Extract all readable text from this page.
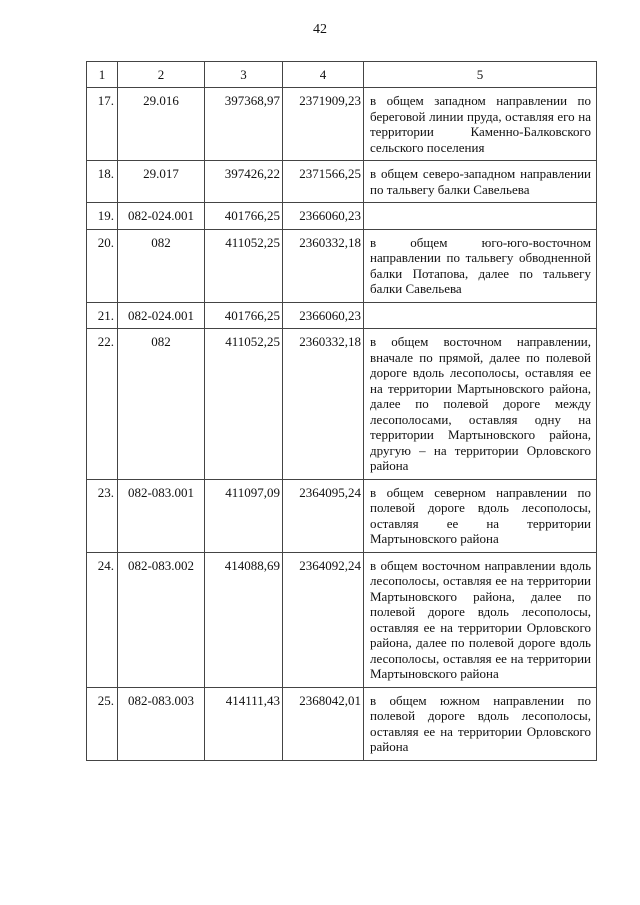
42
1	2	3	4	5
17.	29.016	397368,97	2371909,23	в общем западном направлении по береговой линии пруда, оставляя его на территории Каменно-Балковского сельского поселения
18.	29.017	397426,22	2371566,25	в общем северо-западном направлении по тальвегу балки Савельева
19.	082-024.001	401766,25	2366060,23	
20.	082	411052,25	2360332,18	в общем юго-юго-восточном направлении по тальвегу обводненной балки Потапова, далее по тальвегу балки Савельева
21.	082-024.001	401766,25	2366060,23	
22.	082	411052,25	2360332,18	в общем восточном направлении, вначале по прямой, далее по полевой дороге вдоль лесополосы, оставляя ее на территории Мартыновского района, далее по полевой дороге между лесополосами, оставляя одну на территории Мартыновского района, другую – на территории Орловского района
23.	082-083.001	411097,09	2364095,24	в общем северном направлении по полевой дороге вдоль лесополосы, оставляя ее на территории Мартыновского района
24.	082-083.002	414088,69	2364092,24	в общем восточном направлении вдоль лесополосы, оставляя ее на территории Мартыновского района, далее по полевой дороге вдоль лесополосы, оставляя ее на территории Орловского района, далее по полевой дороге вдоль лесополосы, оставляя ее на территории Мартыновского района
25.	082-083.003	414111,43	2368042,01	в общем южном направлении по полевой дороге вдоль лесополосы, оставляя ее на территории Орловского района
